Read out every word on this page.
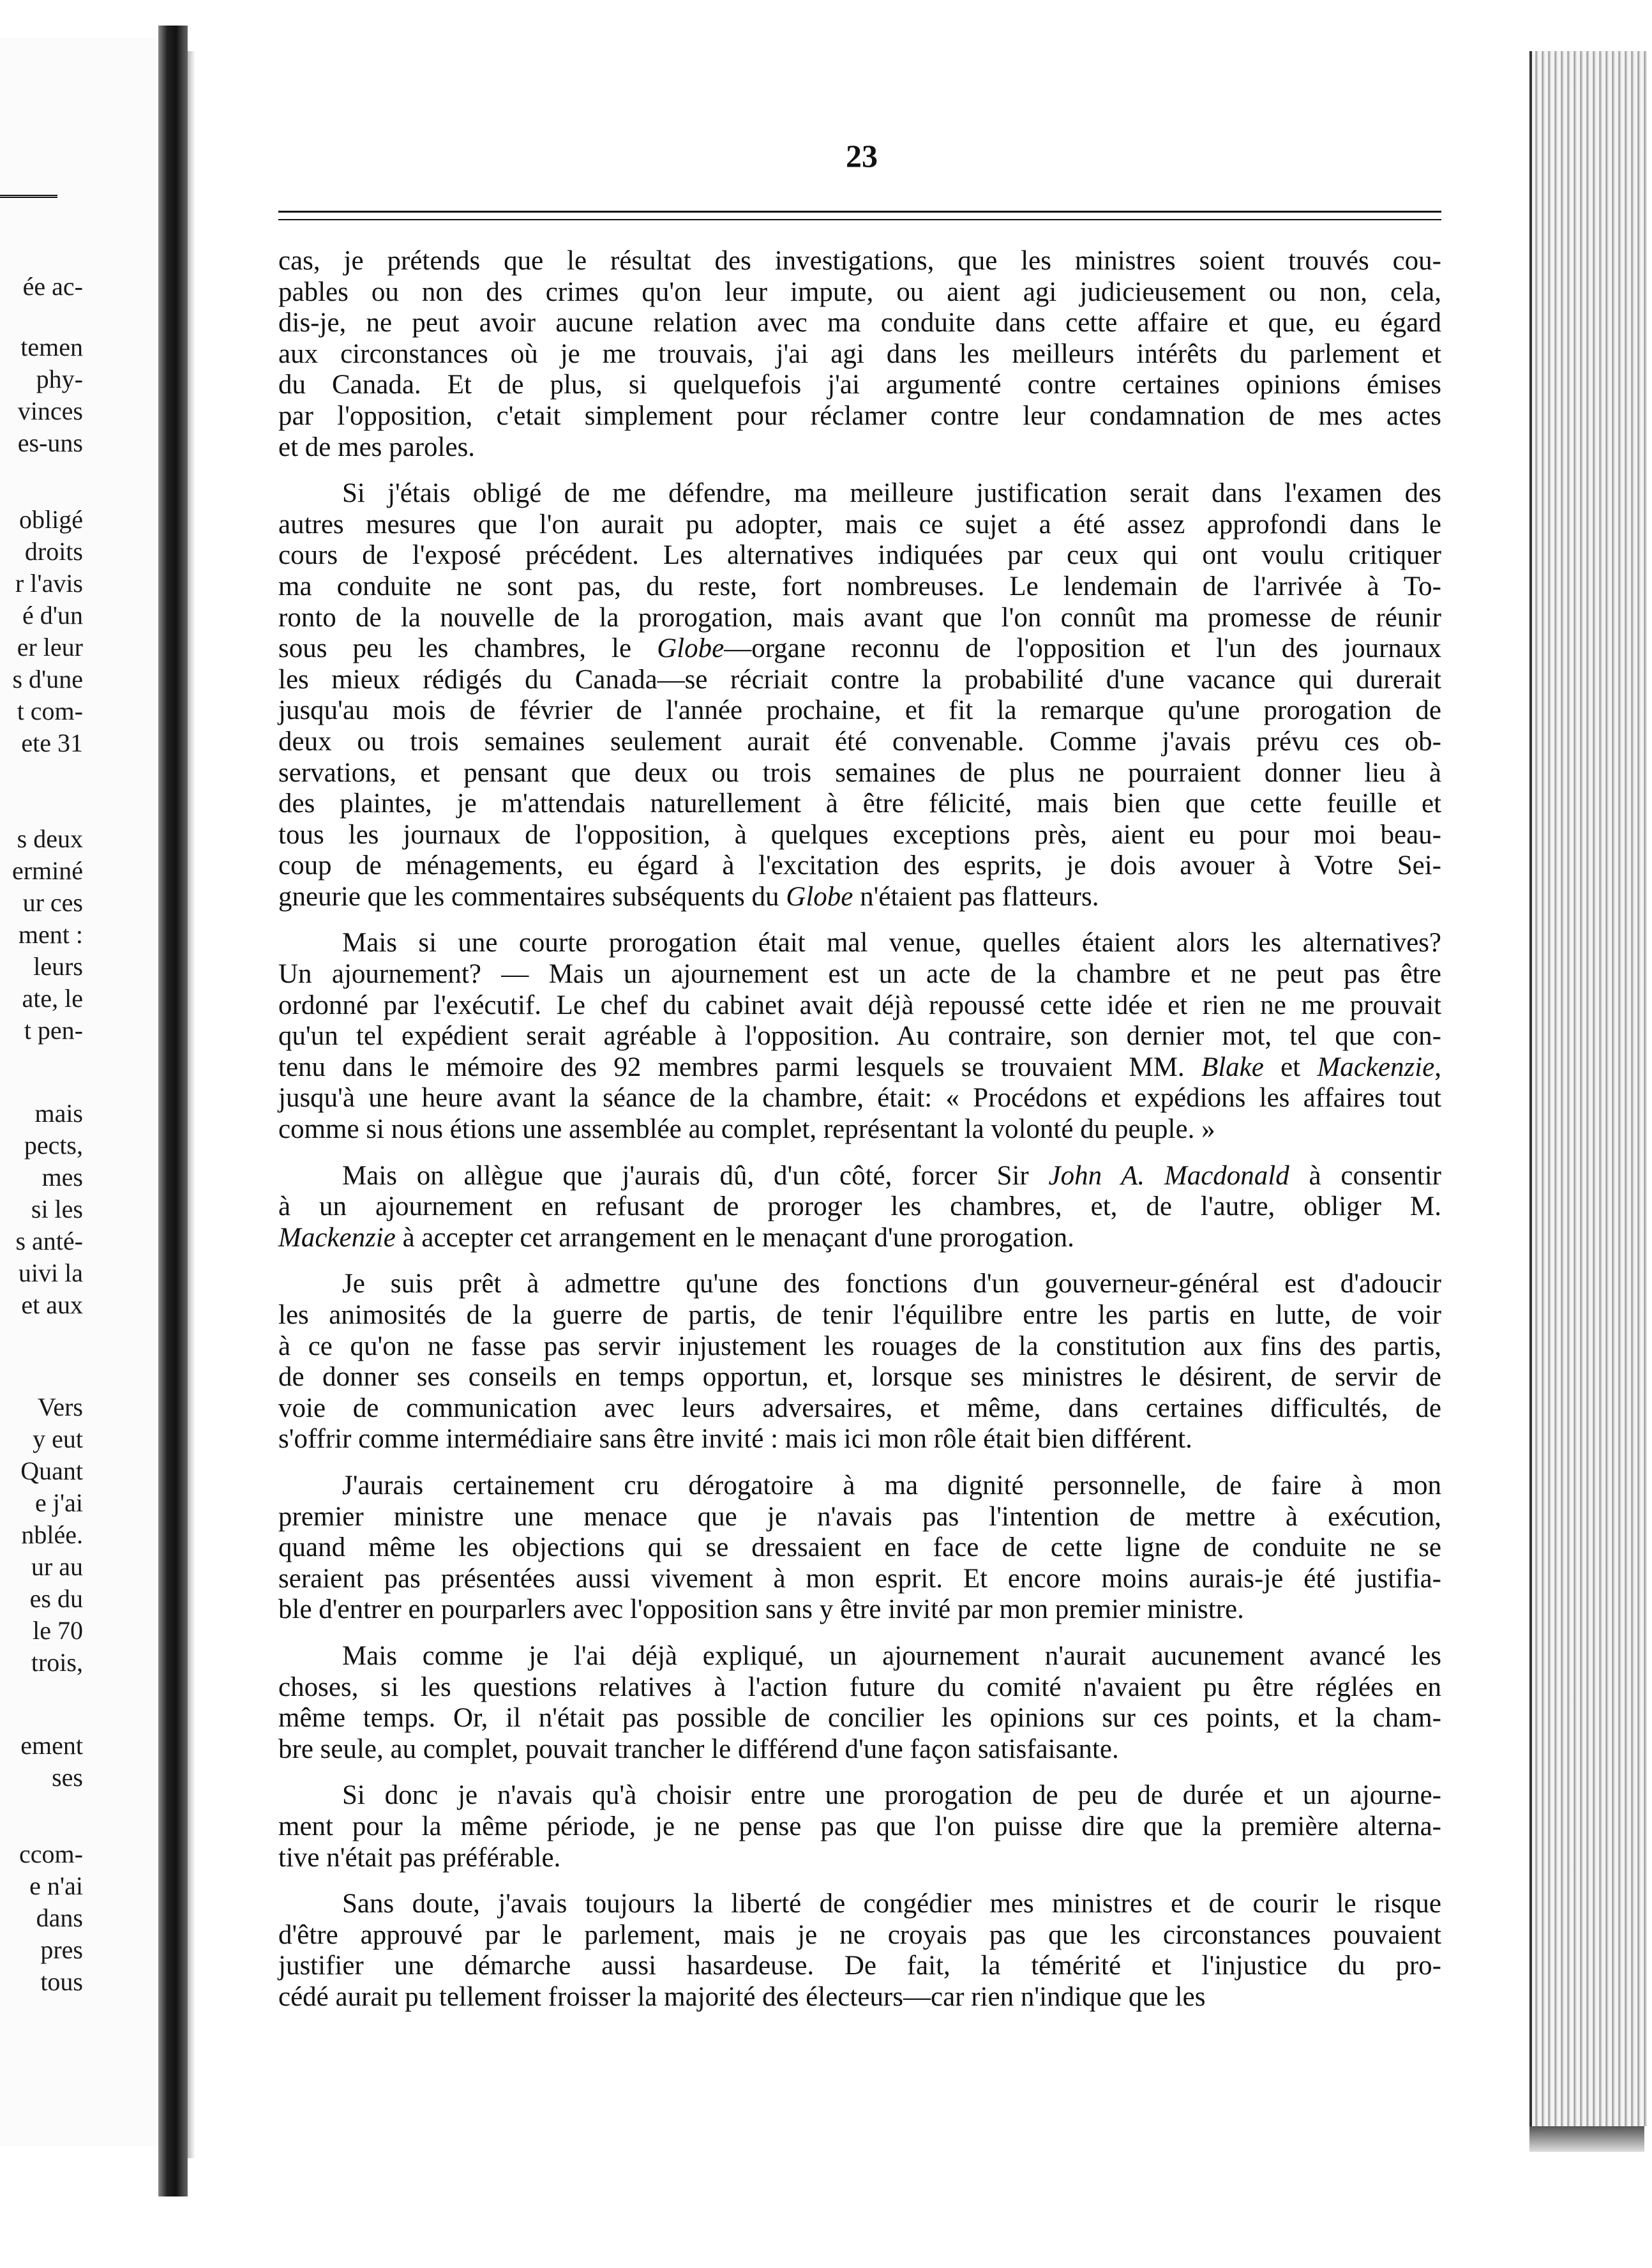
ée ac-
temen
phy-
vinces
es-uns
obligé
droits
r l'avis
é d'un
er leur
s d'une
t com-
ete 31
s deux
erminé
ur ces
ment :
leurs
ate, le
t pen-
mais
pects,
mes
si les
s anté-
uivi la
et aux
Vers
y eut
Quant
e j'ai
nblée.
ur au
es du
le 70
trois,
ement
ses
ccom-
e n'ai
dans
pres
tous
23
cas, je prétends que le résultat des investigations, que les ministres soient trouvés cou-
pables ou non des crimes qu'on leur impute, ou aient agi judicieusement ou non, cela,
dis-je, ne peut avoir aucune relation avec ma conduite dans cette affaire et que, eu égard
aux circonstances où je me trouvais, j'ai agi dans les meilleurs intérêts du parlement et
du Canada. Et de plus, si quelquefois j'ai argumenté contre certaines opinions émises
par l'opposition, c'etait simplement pour réclamer contre leur condamnation de mes actes
et de mes paroles.
Si j'étais obligé de me défendre, ma meilleure justification serait dans l'examen des
autres mesures que l'on aurait pu adopter, mais ce sujet a été assez approfondi dans le
cours de l'exposé précédent. Les alternatives indiquées par ceux qui ont voulu critiquer
ma conduite ne sont pas, du reste, fort nombreuses. Le lendemain de l'arrivée à To-
ronto de la nouvelle de la prorogation, mais avant que l'on connût ma promesse de réunir
sous peu les chambres, le Globe—organe reconnu de l'opposition et l'un des journaux
les mieux rédigés du Canada—se récriait contre la probabilité d'une vacance qui durerait
jusqu'au mois de février de l'année prochaine, et fit la remarque qu'une prorogation de
deux ou trois semaines seulement aurait été convenable. Comme j'avais prévu ces ob-
servations, et pensant que deux ou trois semaines de plus ne pourraient donner lieu à
des plaintes, je m'attendais naturellement à être félicité, mais bien que cette feuille et
tous les journaux de l'opposition, à quelques exceptions près, aient eu pour moi beau-
coup de ménagements, eu égard à l'excitation des esprits, je dois avouer à Votre Sei-
gneurie que les commentaires subséquents du Globe n'étaient pas flatteurs.
Mais si une courte prorogation était mal venue, quelles étaient alors les alternatives?
Un ajournement? — Mais un ajournement est un acte de la chambre et ne peut pas être
ordonné par l'exécutif. Le chef du cabinet avait déjà repoussé cette idée et rien ne me prouvait
qu'un tel expédient serait agréable à l'opposition. Au contraire, son dernier mot, tel que con-
tenu dans le mémoire des 92 membres parmi lesquels se trouvaient MM. Blake et Mackenzie,
jusqu'à une heure avant la séance de la chambre, était: « Procédons et expédions les affaires tout
comme si nous étions une assemblée au complet, représentant la volonté du peuple. »
Mais on allègue que j'aurais dû, d'un côté, forcer Sir John A. Macdonald à consentir
à un ajournement en refusant de proroger les chambres, et, de l'autre, obliger M.
Mackenzie à accepter cet arrangement en le menaçant d'une prorogation.
Je suis prêt à admettre qu'une des fonctions d'un gouverneur-général est d'adoucir
les animosités de la guerre de partis, de tenir l'équilibre entre les partis en lutte, de voir
à ce qu'on ne fasse pas servir injustement les rouages de la constitution aux fins des partis,
de donner ses conseils en temps opportun, et, lorsque ses ministres le désirent, de servir de
voie de communication avec leurs adversaires, et même, dans certaines difficultés, de
s'offrir comme intermédiaire sans être invité : mais ici mon rôle était bien différent.
J'aurais certainement cru dérogatoire à ma dignité personnelle, de faire à mon
premier ministre une menace que je n'avais pas l'intention de mettre à exécution,
quand même les objections qui se dressaient en face de cette ligne de conduite ne se
seraient pas présentées aussi vivement à mon esprit. Et encore moins aurais-je été justifia-
ble d'entrer en pourparlers avec l'opposition sans y être invité par mon premier ministre.
Mais comme je l'ai déjà expliqué, un ajournement n'aurait aucunement avancé les
choses, si les questions relatives à l'action future du comité n'avaient pu être réglées en
même temps. Or, il n'était pas possible de concilier les opinions sur ces points, et la cham-
bre seule, au complet, pouvait trancher le différend d'une façon satisfaisante.
Si donc je n'avais qu'à choisir entre une prorogation de peu de durée et un ajourne-
ment pour la même période, je ne pense pas que l'on puisse dire que la première alterna-
tive n'était pas préférable.
Sans doute, j'avais toujours la liberté de congédier mes ministres et de courir le risque
d'être approuvé par le parlement, mais je ne croyais pas que les circonstances pouvaient
justifier une démarche aussi hasardeuse. De fait, la témérité et l'injustice du pro-
cédé aurait pu tellement froisser la majorité des électeurs—car rien n'indique que les
